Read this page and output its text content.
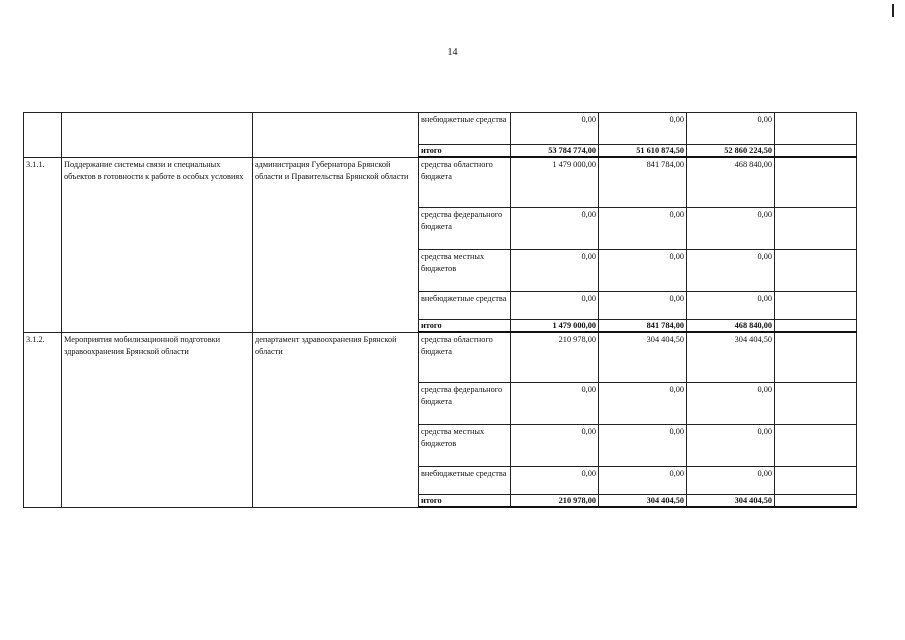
14
			внебюджетные средства	0,00	0,00	0,00	
			итого	53 784 774,00	51 610 874,50	52 860 224,50	
3.1.1.	Поддержание системы связи и специальных объектов в готовности к работе в особых условиях	администрация Губернатора Брянской области и Правительства Брянской области	средства областного бюджета	1 479 000,00	841 784,00	468 840,00	
			средства федерального бюджета	0,00	0,00	0,00	
			средства местных бюджетов	0,00	0,00	0,00	
			внебюджетные средства	0,00	0,00	0,00	
			итого	1 479 000,00	841 784,00	468 840,00	
3.1.2.	Мероприятия мобилизационной подготовки здравоохранения Брянской области	департамент здравоохранения Брянской области	средства областного бюджета	210 978,00	304 404,50	304 404,50	
			средства федерального бюджета	0,00	0,00	0,00	
			средства местных бюджетов	0,00	0,00	0,00	
			внебюджетные средства	0,00	0,00	0,00	
			итого	210 978,00	304 404,50	304 404,50	
